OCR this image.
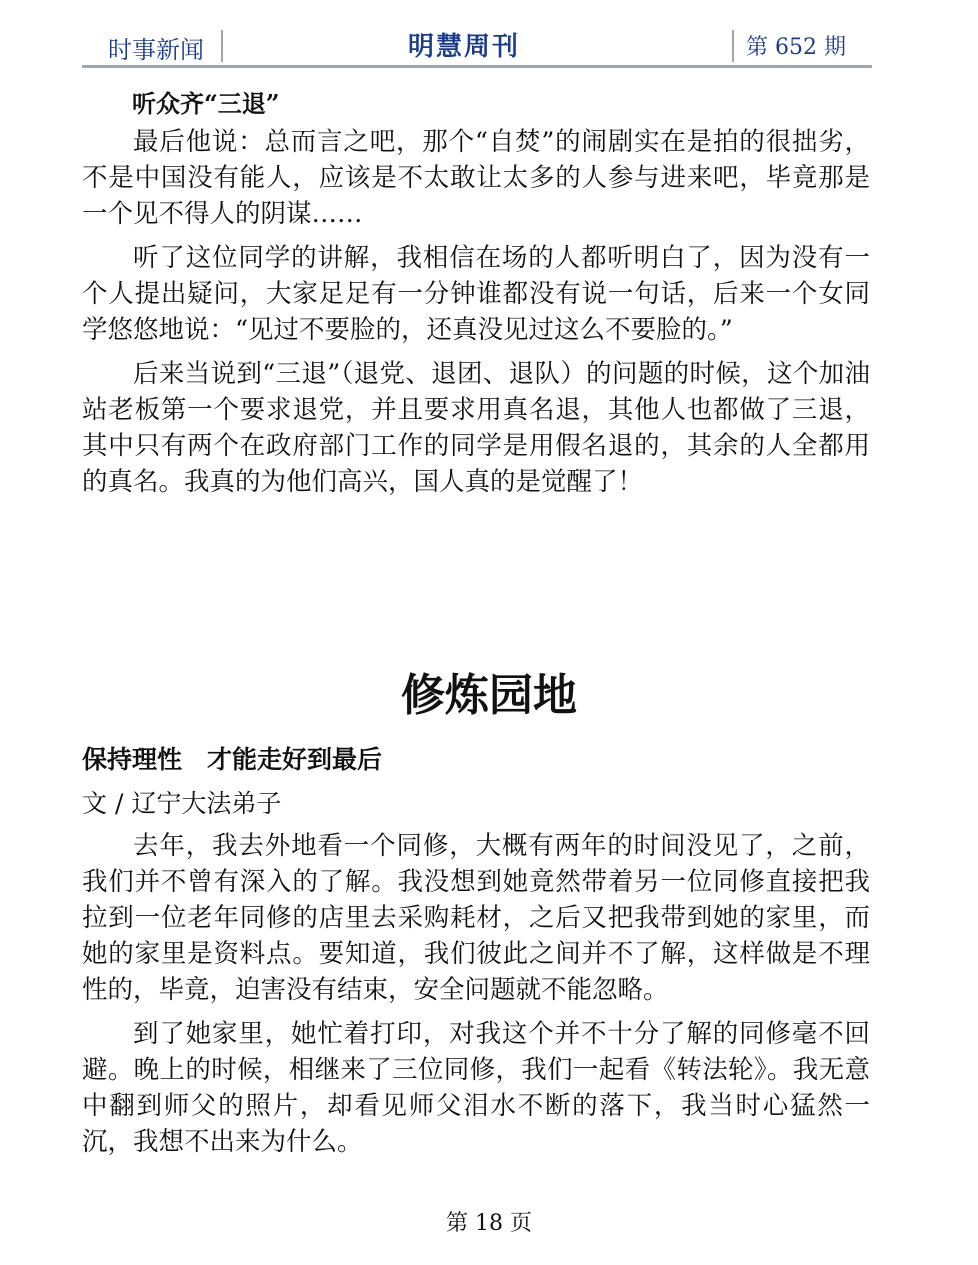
时事新闻	明慧周刊	第 652 期
听众齐“三退”

最后他说：总而言之吧，那个“自焚”的闹剧实在是拍的很拙劣，不是中国没有能人，应该是不太敢让太多的人参与进来吧，毕竟那是一个见不得人的阴谋……

听了这位同学的讲解，我相信在场的人都听明白了，因为没有一个人提出疑问，大家足足有一分钟谁都没有说一句话，后来一个女同学悠悠地说：“见过不要脸的，还真没见过这么不要脸的。”

后来当说到“三退”（退党、退团、退队）的问题的时候，这个加油站老板第一个要求退党，并且要求用真名退，其他人也都做了三退，其中只有两个在政府部门工作的同学是用假名退的，其余的人全都用的真名。我真的为他们高兴，国人真的是觉醒了！

修炼园地
保持理性　才能走好到最后
文 / 辽宁大法弟子

去年，我去外地看一个同修，大概有两年的时间没见了，之前，我们并不曾有深入的了解。我没想到她竟然带着另一位同修直接把我拉到一位老年同修的店里去采购耗材，之后又把我带到她的家里，而她的家里是资料点。要知道，我们彼此之间并不了解，这样做是不理性的，毕竟，迫害没有结束，安全问题就不能忽略。

到了她家里，她忙着打印，对我这个并不十分了解的同修毫不回避。晚上的时候，相继来了三位同修，我们一起看《转法轮》。我无意中翻到师父的照片，却看见师父泪水不断的落下，我当时心猛然一沉，我想不出来为什么。

第 18 页
